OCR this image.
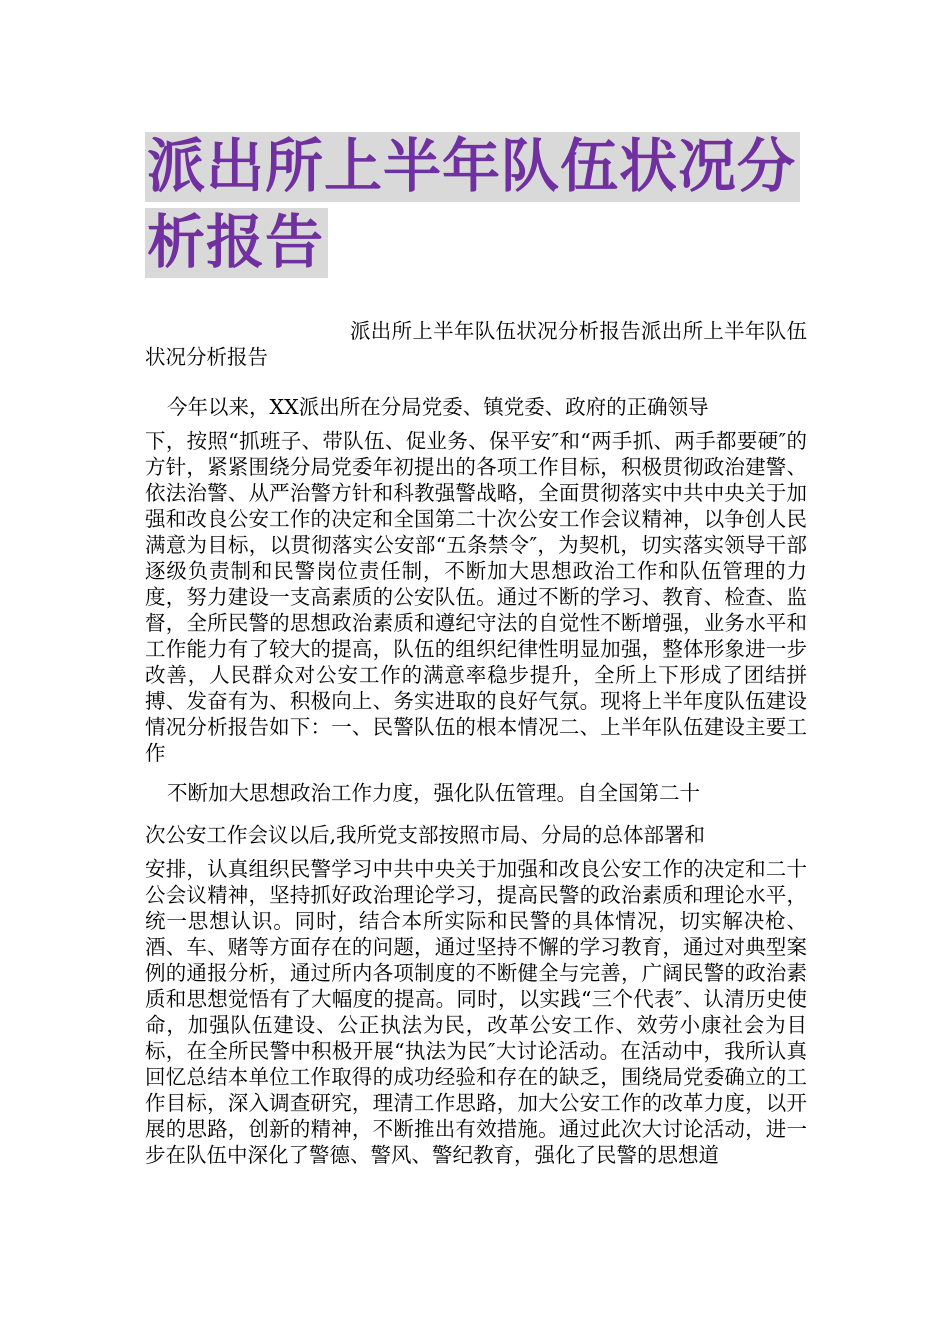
派出所上半年队伍状况分析报告

派出所上半年队伍状况分析报告派出所上半年队伍状况分析报告

今年以来，XX派出所在分局党委、镇党委、政府的正确领导

下，按照“抓班子、带队伍、促业务、保平安″和“两手抓、两手都要硬″的方针，紧紧围绕分局党委年初提出的各项工作目标，积极贯彻政治建警、依法治警、从严治警方针和科教强警战略，全面贯彻落实中共中央关于加强和改良公安工作的决定和全国第二十次公安工作会议精神，以争创人民满意为目标，以贯彻落实公安部“五条禁令″，为契机，切实落实领导干部逐级负责制和民警岗位责任制，不断加大思想政治工作和队伍管理的力度，努力建设一支高素质的公安队伍。通过不断的学习、教育、检查、监督，全所民警的思想政治素质和遵纪守法的自觉性不断增强，业务水平和工作能力有了较大的提高，队伍的组织纪律性明显加强，整体形象进一步改善，人民群众对公安工作的满意率稳步提升，全所上下形成了团结拼搏、发奋有为、积极向上、务实进取的良好气氛。现将上半年度队伍建设情况分析报告如下：一、民警队伍的根本情况二、上半年队伍建设主要工作

不断加大思想政治工作力度，强化队伍管理。自全国第二十

次公安工作会议以后,我所党支部按照市局、分局的总体部署和

安排，认真组织民警学习中共中央关于加强和改良公安工作的决定和二十公会议精神，坚持抓好政治理论学习，提高民警的政治素质和理论水平，统一思想认识。同时，结合本所实际和民警的具体情况，切实解决枪、酒、车、赌等方面存在的问题，通过坚持不懈的学习教育，通过对典型案例的通报分析，通过所内各项制度的不断健全与完善，广阔民警的政治素质和思想觉悟有了大幅度的提高。同时，以实践“三个代表″、认清历史使命，加强队伍建设、公正执法为民，改革公安工作、效劳小康社会为目标，在全所民警中积极开展“执法为民″大讨论活动。在活动中，我所认真回忆总结本单位工作取得的成功经验和存在的缺乏，围绕局党委确立的工作目标，深入调查研究，理清工作思路，加大公安工作的改革力度，以开展的思路，创新的精神，不断推出有效措施。通过此次大讨论活动，进一步在队伍中深化了警德、警风、警纪教育，强化了民警的思想道
